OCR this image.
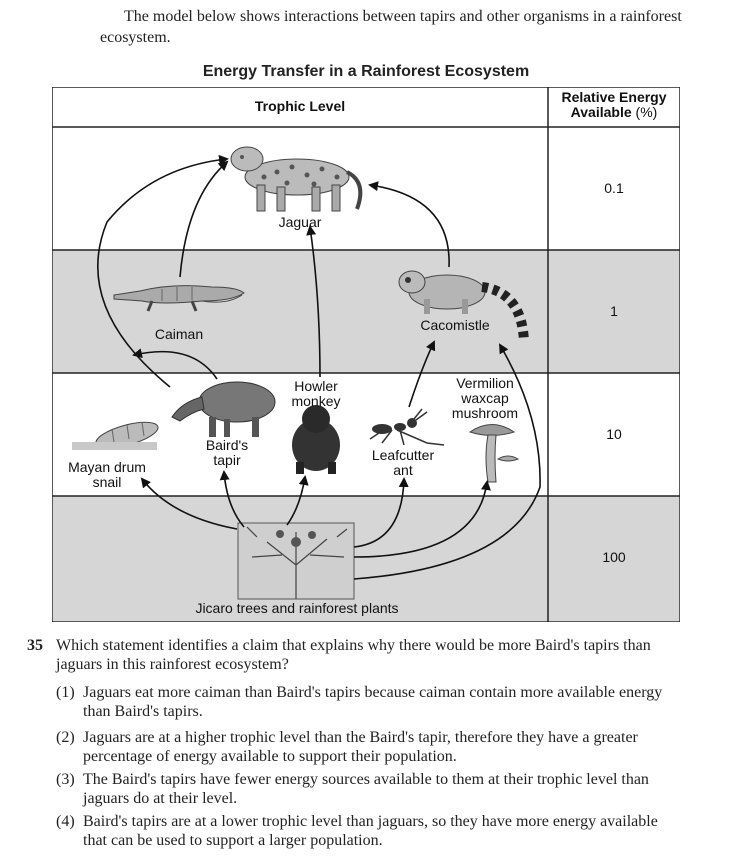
The model below shows interactions between tapirs and other organisms in a rainforest ecosystem.
Energy Transfer in a Rainforest Ecosystem
Trophic Level
Relative Energy
Available (%)
0.1
1
10
100
Jaguar
Caiman
Cacomistle
Mayan drum
snail
Baird's
tapir
Howler
monkey
Leafcutter
ant
Vermilion
waxcap
mushroom
Jicaro trees and rainforest plants
35 Which statement identifies a claim that explains why there would be more Baird's tapirs than jaguars in this rainforest ecosystem?
(1) Jaguars eat more caiman than Baird's tapirs because caiman contain more available energy than Baird's tapirs.
(2) Jaguars are at a higher trophic level than the Baird's tapir, therefore they have a greater percentage of energy available to support their population.
(3) The Baird's tapirs have fewer energy sources available to them at their trophic level than jaguars do at their level.
(4) Baird's tapirs are at a lower trophic level than jaguars, so they have more energy available that can be used to support a larger population.
